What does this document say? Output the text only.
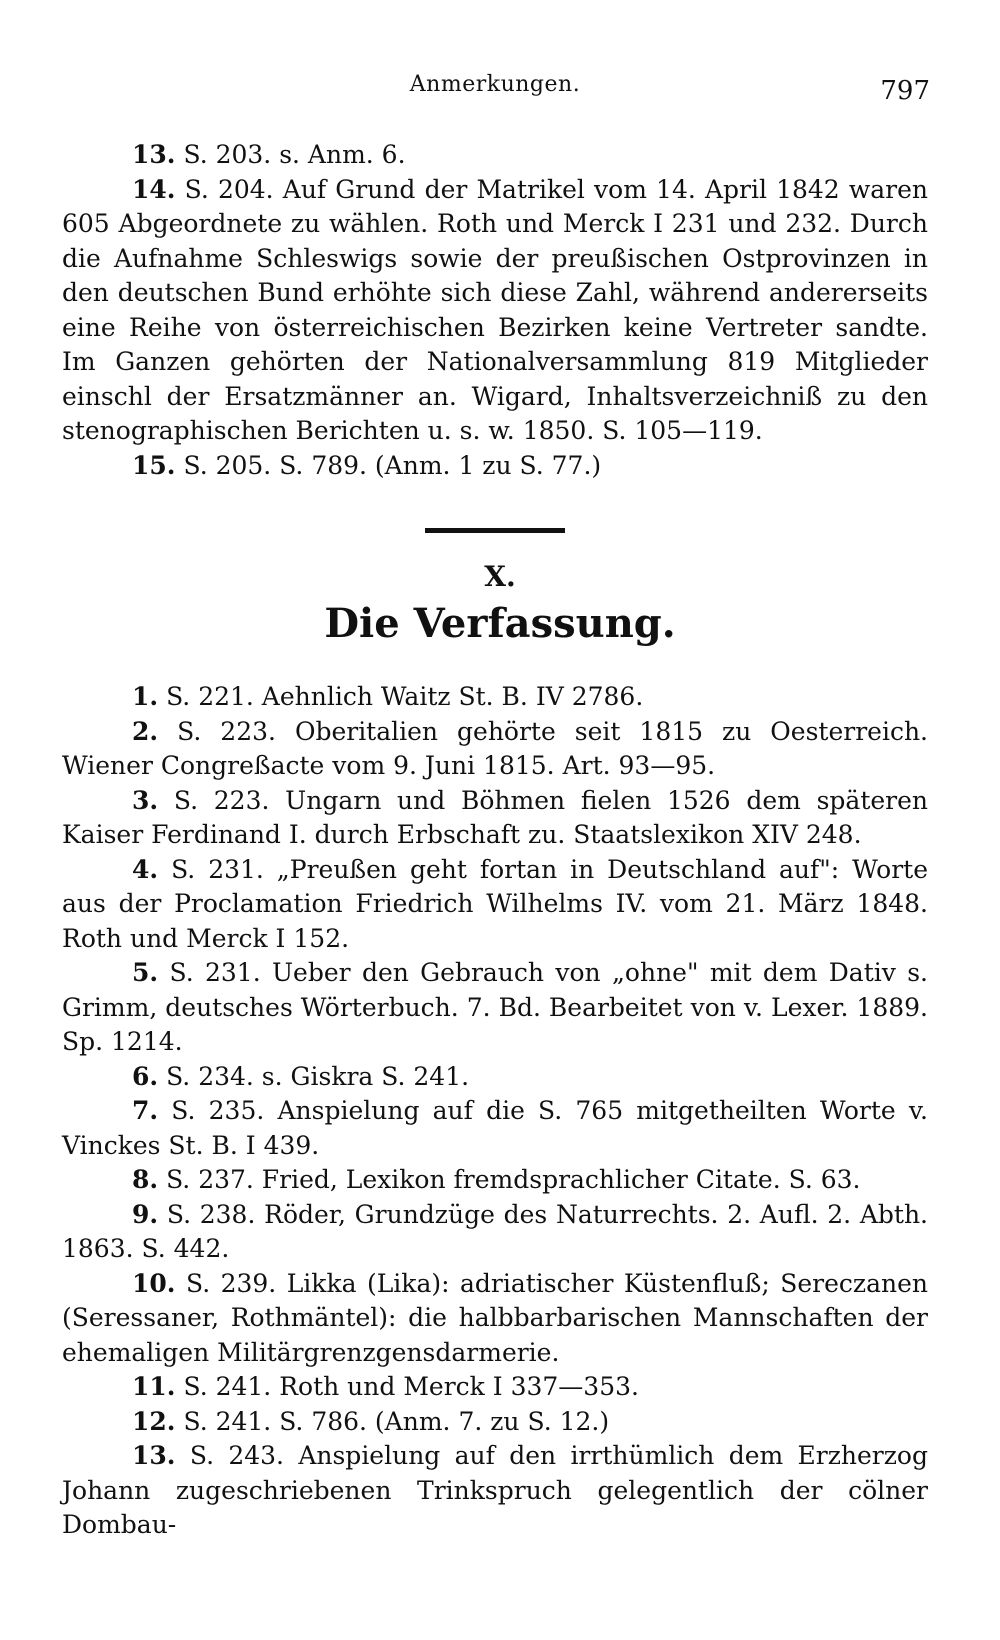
Anmerkungen.	797

13. S. 203. s. Anm. 6.

14. S. 204. Auf Grund der Matrikel vom 14. April 1842 waren 605 Abgeordnete zu wählen. Roth und Merck I 231 und 232. Durch die Aufnahme Schleswigs sowie der preußischen Ostprovinzen in den deutschen Bund erhöhte sich diese Zahl, während andererseits eine Reihe von österreichischen Bezirken keine Vertreter sandte. Im Ganzen gehörten der Nationalversammlung 819 Mitglieder einschl der Ersatzmänner an. Wigard, Inhaltsverzeichniß zu den stenographischen Berichten u. s. w. 1850. S. 105—119.

15. S. 205. S. 789. (Anm. 1 zu S. 77.)

X.
Die Verfassung.

1. S. 221. Aehnlich Waitz St. B. IV 2786.

2. S. 223. Oberitalien gehörte seit 1815 zu Oesterreich. Wiener Congreßacte vom 9. Juni 1815. Art. 93—95.

3. S. 223. Ungarn und Böhmen fielen 1526 dem späteren Kaiser Ferdinand I. durch Erbschaft zu. Staatslexikon XIV 248.

4. S. 231. „Preußen geht fortan in Deutschland auf": Worte aus der Proclamation Friedrich Wilhelms IV. vom 21. März 1848. Roth und Merck I 152.

5. S. 231. Ueber den Gebrauch von „ohne" mit dem Dativ s. Grimm, deutsches Wörterbuch. 7. Bd. Bearbeitet von v. Lexer. 1889. Sp. 1214.

6. S. 234. s. Giskra S. 241.

7. S. 235. Anspielung auf die S. 765 mitgetheilten Worte v. Vinckes St. B. I 439.

8. S. 237. Fried, Lexikon fremdsprachlicher Citate. S. 63.

9. S. 238. Röder, Grundzüge des Naturrechts. 2. Aufl. 2. Abth. 1863. S. 442.

10. S. 239. Likka (Lika): adriatischer Küstenfluß; Sereczanen (Seressaner, Rothmäntel): die halbbarbarischen Mannschaften der ehemaligen Militärgrenzgensdarmerie.

11. S. 241. Roth und Merck I 337—353.

12. S. 241. S. 786. (Anm. 7. zu S. 12.)

13. S. 243. Anspielung auf den irrthümlich dem Erzherzog Johann zugeschriebenen Trinkspruch gelegentlich der cölner Dombau-
